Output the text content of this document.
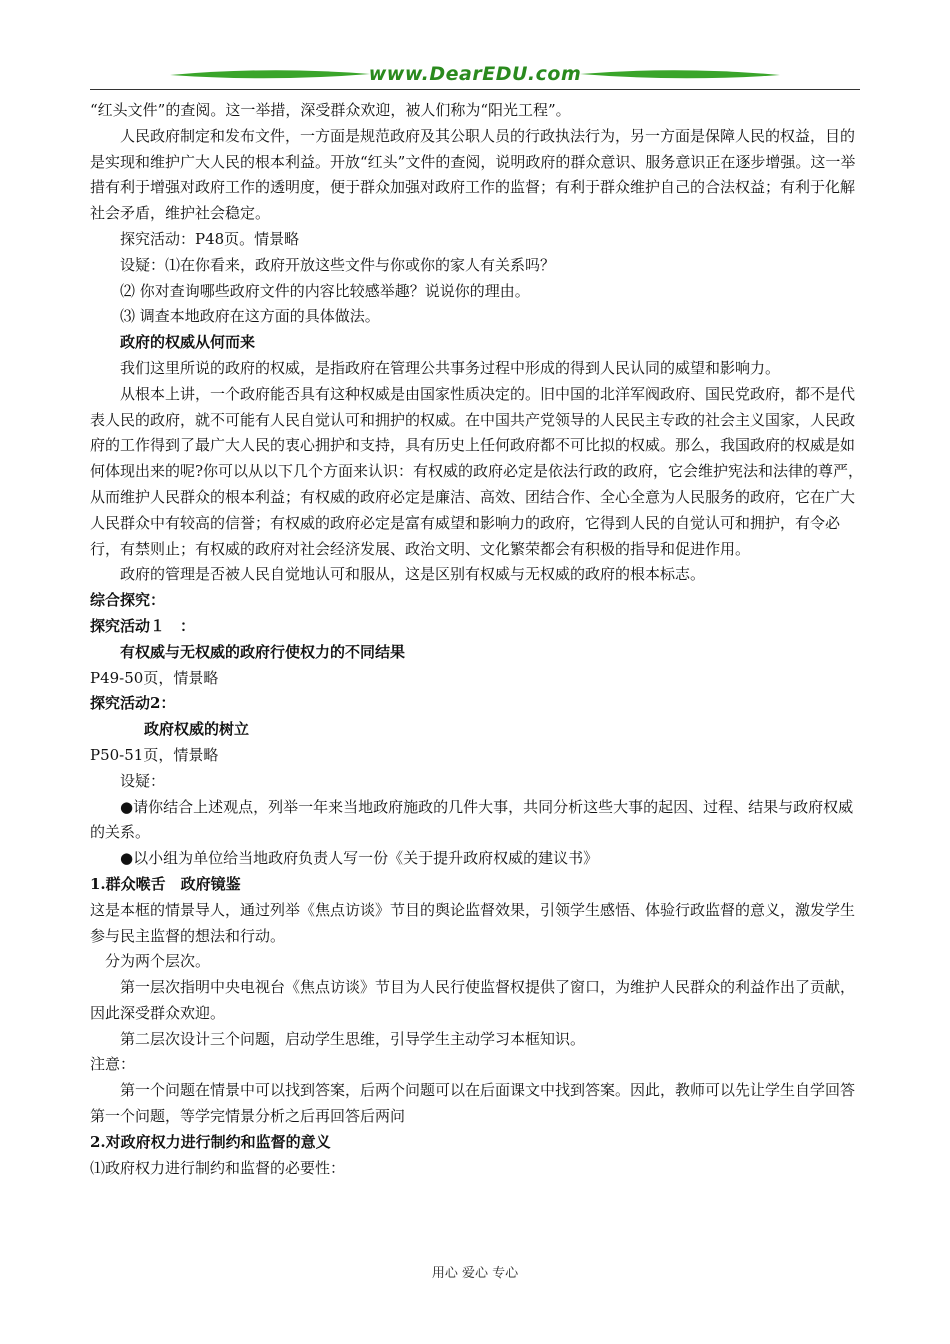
www.DearEDU.com

“红头文件”的查阅。这一举措，深受群众欢迎，被人们称为“阳光工程”。

人民政府制定和发布文件，一方面是规范政府及其公职人员的行政执法行为，另一方面是保障人民的权益，目的是实现和维护广大人民的根本利益。开放“红头”文件的查阅，说明政府的群众意识、服务意识正在逐步增强。这一举措有利于增强对政府工作的透明度，便于群众加强对政府工作的监督；有利于群众维护自己的合法权益；有利于化解社会矛盾，维护社会稳定。

探究活动：P48页。情景略

设疑：⑴在你看来，政府开放这些文件与你或你的家人有关系吗？

⑵ 你对查询哪些政府文件的内容比较感举趣？说说你的理由。

⑶ 调查本地政府在这方面的具体做法。

政府的权威从何而来

我们这里所说的政府的权威，是指政府在管理公共事务过程中形成的得到人民认同的威望和影响力。

从根本上讲，一个政府能否具有这种权威是由国家性质决定的。旧中国的北洋军阀政府、国民党政府，都不是代表人民的政府，就不可能有人民自觉认可和拥护的权威。在中国共产党领导的人民民主专政的社会主义国家，人民政府的工作得到了最广大人民的衷心拥护和支持，具有历史上任何政府都不可比拟的权威。那么，我国政府的权威是如何体现出来的呢?你可以从以下几个方面来认识：有权威的政府必定是依法行政的政府，它会维护宪法和法律的尊严，从而维护人民群众的根本利益；有权威的政府必定是廉洁、高效、团结合作、全心全意为人民服务的政府，它在广大人民群众中有较高的信誉；有权威的政府必定是富有威望和影响力的政府，它得到人民的自觉认可和拥护，有令必行，有禁则止；有权威的政府对社会经济发展、政治文明、文化繁荣都会有积极的指导和促进作用。

政府的管理是否被人民自觉地认可和服从，这是区别有权威与无权威的政府的根本标志。

综合探究：

探究活动１　：

有权威与无权威的政府行使权力的不同结果

P49-50页，情景略

探究活动2：

政府权威的树立

P50-51页，情景略

设疑：

●请你结合上述观点，列举一年来当地政府施政的几件大事，共同分析这些大事的起因、过程、结果与政府权威的关系。

●以小组为单位给当地政府负责人写一份《关于提升政府权威的建议书》

1.群众喉舌　政府镜鉴

这是本框的情景导人，通过列举《焦点访谈》节目的舆论监督效果，引领学生感悟、体验行政监督的意义，激发学生参与民主监督的想法和行动。

分为两个层次。

第一层次指明中央电视台《焦点访谈》节目为人民行使监督权提供了窗口，为维护人民群众的利益作出了贡献，因此深受群众欢迎。

第二层次设计三个问题，启动学生思维，引导学生主动学习本框知识。

注意：

第一个问题在情景中可以找到答案，后两个问题可以在后面课文中找到答案。因此，教师可以先让学生自学回答第一个问题，等学完情景分析之后再回答后两问

2.对政府权力进行制约和监督的意义

⑴政府权力进行制约和监督的必要性：

用心 爱心 专心
